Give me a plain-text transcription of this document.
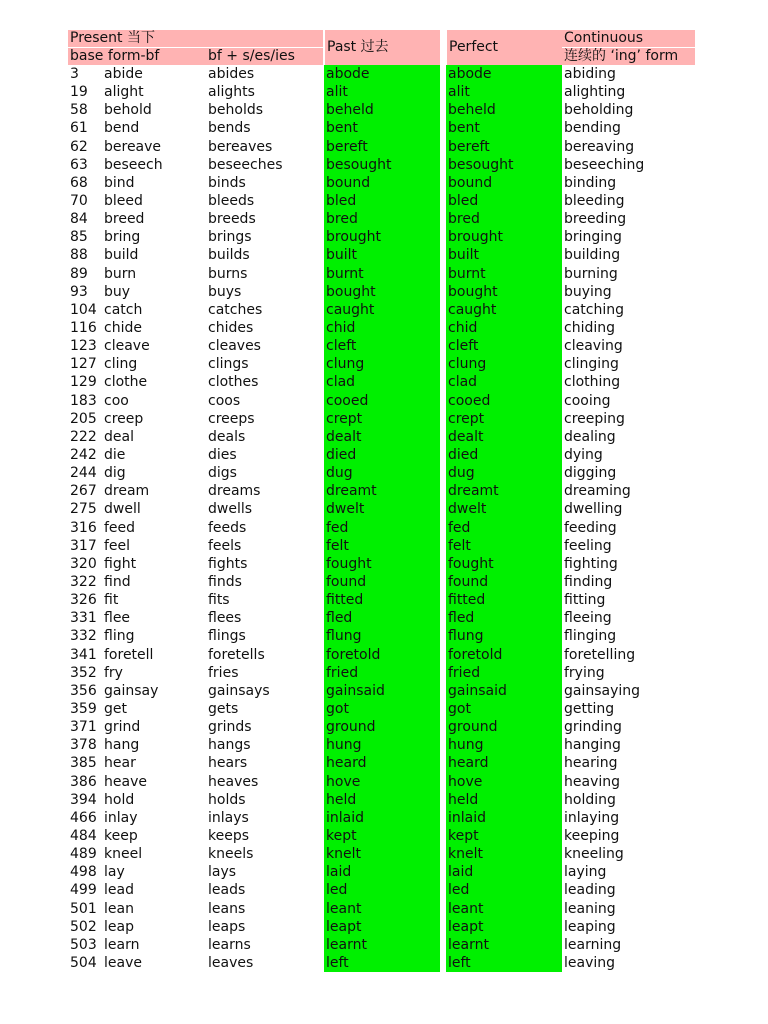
Present 当下			Past 过去		Perfect	Continuous
base form-bf		bf + s/es/ies				连续的 ‘ing’ form
3	abide	abides	abode		abode	abiding
19	alight	alights	alit		alit	alighting
58	behold	beholds	beheld		beheld	beholding
61	bend	bends	bent		bent	bending
62	bereave	bereaves	bereft		bereft	bereaving
63	beseech	beseeches	besought		besought	beseeching
68	bind	binds	bound		bound	binding
70	bleed	bleeds	bled		bled	bleeding
84	breed	breeds	bred		bred	breeding
85	bring	brings	brought		brought	bringing
88	build	builds	built		built	building
89	burn	burns	burnt		burnt	burning
93	buy	buys	bought		bought	buying
104	catch	catches	caught		caught	catching
116	chide	chides	chid		chid	chiding
123	cleave	cleaves	cleft		cleft	cleaving
127	cling	clings	clung		clung	clinging
129	clothe	clothes	clad		clad	clothing
183	coo	coos	cooed		cooed	cooing
205	creep	creeps	crept		crept	creeping
222	deal	deals	dealt		dealt	dealing
242	die	dies	died		died	dying
244	dig	digs	dug		dug	digging
267	dream	dreams	dreamt		dreamt	dreaming
275	dwell	dwells	dwelt		dwelt	dwelling
316	feed	feeds	fed		fed	feeding
317	feel	feels	felt		felt	feeling
320	fight	fights	fought		fought	fighting
322	find	finds	found		found	finding
326	fit	fits	fitted		fitted	fitting
331	flee	flees	fled		fled	fleeing
332	fling	flings	flung		flung	flinging
341	foretell	foretells	foretold		foretold	foretelling
352	fry	fries	fried		fried	frying
356	gainsay	gainsays	gainsaid		gainsaid	gainsaying
359	get	gets	got		got	getting
371	grind	grinds	ground		ground	grinding
378	hang	hangs	hung		hung	hanging
385	hear	hears	heard		heard	hearing
386	heave	heaves	hove		hove	heaving
394	hold	holds	held		held	holding
466	inlay	inlays	inlaid		inlaid	inlaying
484	keep	keeps	kept		kept	keeping
489	kneel	kneels	knelt		knelt	kneeling
498	lay	lays	laid		laid	laying
499	lead	leads	led		led	leading
501	lean	leans	leant		leant	leaning
502	leap	leaps	leapt		leapt	leaping
503	learn	learns	learnt		learnt	learning
504	leave	leaves	left		left	leaving
